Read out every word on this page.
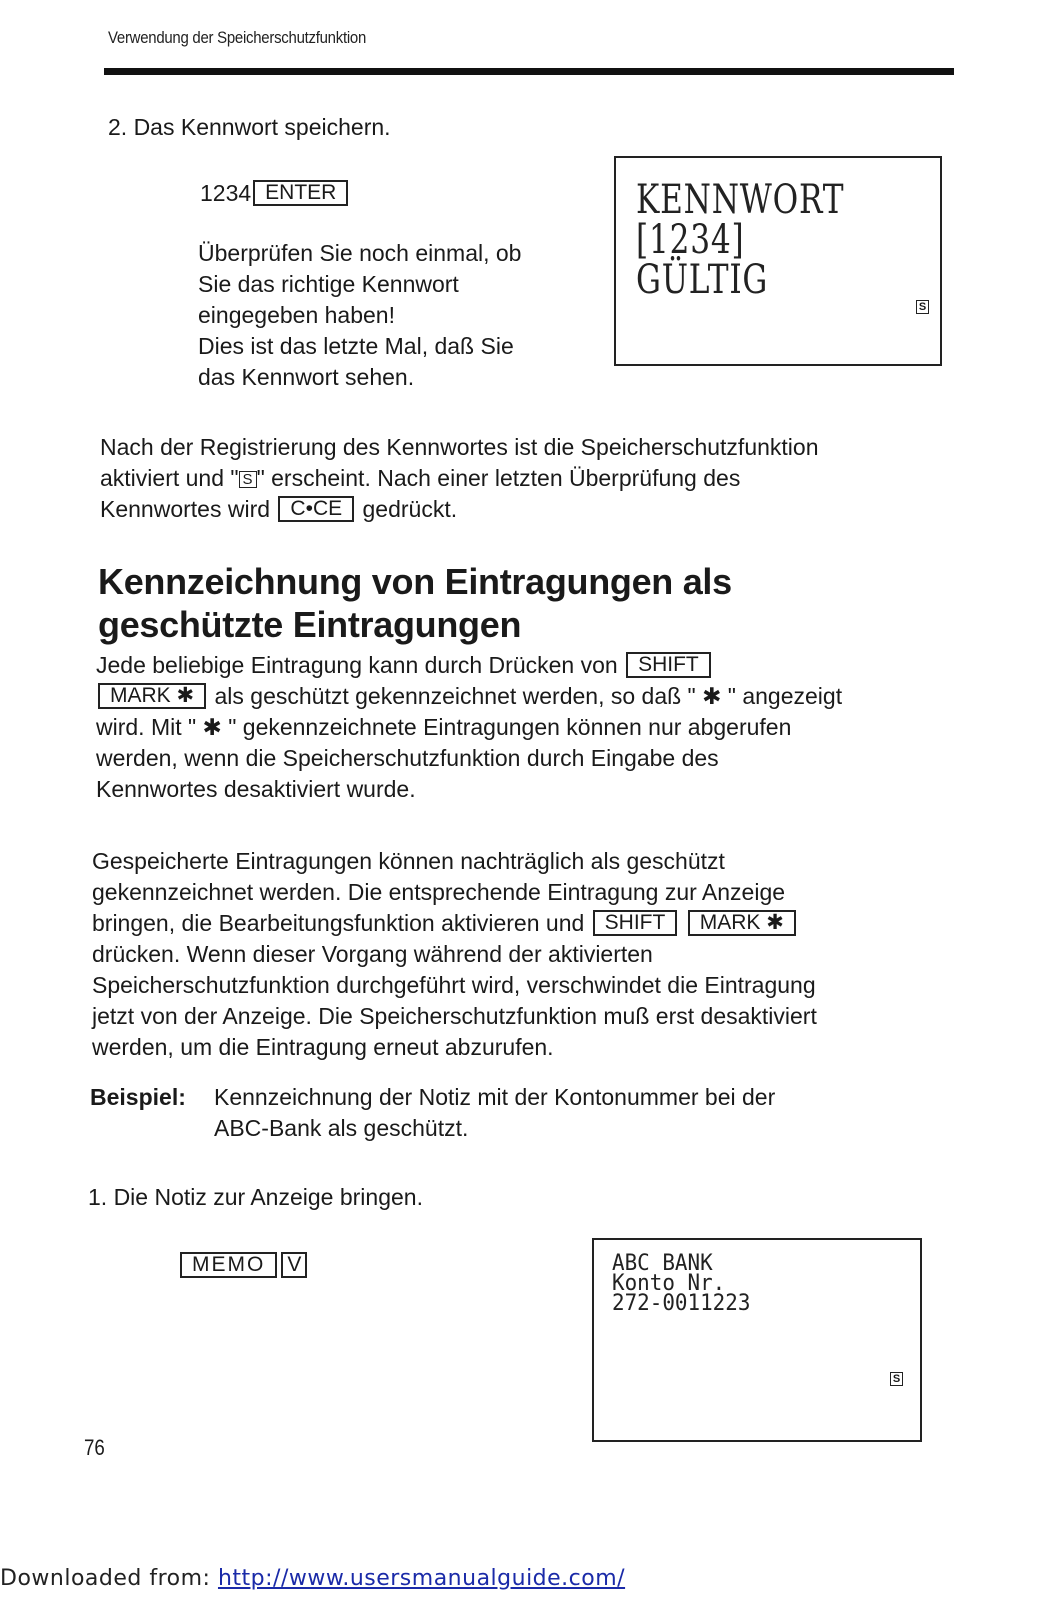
Verwendung der Speicherschutzfunktion
2. Das Kennwort speichern.
1234 ENTER
Überprüfen Sie noch einmal, ob
Sie das richtige Kennwort
eingegeben haben!
Dies ist das letzte Mal, daß Sie
das Kennwort sehen.
KENNWORT
[1234]
GÜLTIG
S
Nach der Registrierung des Kennwortes ist die Speicherschutzfunktion
aktiviert und " S " erscheint. Nach einer letzten Überprüfung des
Kennwortes wird C•CE gedrückt.
Kennzeichnung von Eintragungen als
geschützte Eintragungen
Jede beliebige Eintragung kann durch Drücken von SHIFT
MARK ✱ als geschützt gekennzeichnet werden, so daß " ✱ " angezeigt
wird. Mit " ✱ " gekennzeichnete Eintragungen können nur abgerufen
werden, wenn die Speicherschutzfunktion durch Eingabe des
Kennwortes desaktiviert wurde.
Gespeicherte Eintragungen können nachträglich als geschützt
gekennzeichnet werden. Die entsprechende Eintragung zur Anzeige
bringen, die Bearbeitungsfunktion aktivieren und SHIFT MARK ✱
drücken. Wenn dieser Vorgang während der aktivierten
Speicherschutzfunktion durchgeführt wird, verschwindet die Eintragung
jetzt von der Anzeige. Die Speicherschutzfunktion muß erst desaktiviert
werden, um die Eintragung erneut abzurufen.
Beispiel: Kennzeichnung der Notiz mit der Kontonummer bei der
ABC-Bank als geschützt.
1. Die Notiz zur Anzeige bringen.
MEMO V	ABC BANK
Konto Nr.
272-0011223
S
76
Downloaded from: http://www.usersmanualguide.com/
